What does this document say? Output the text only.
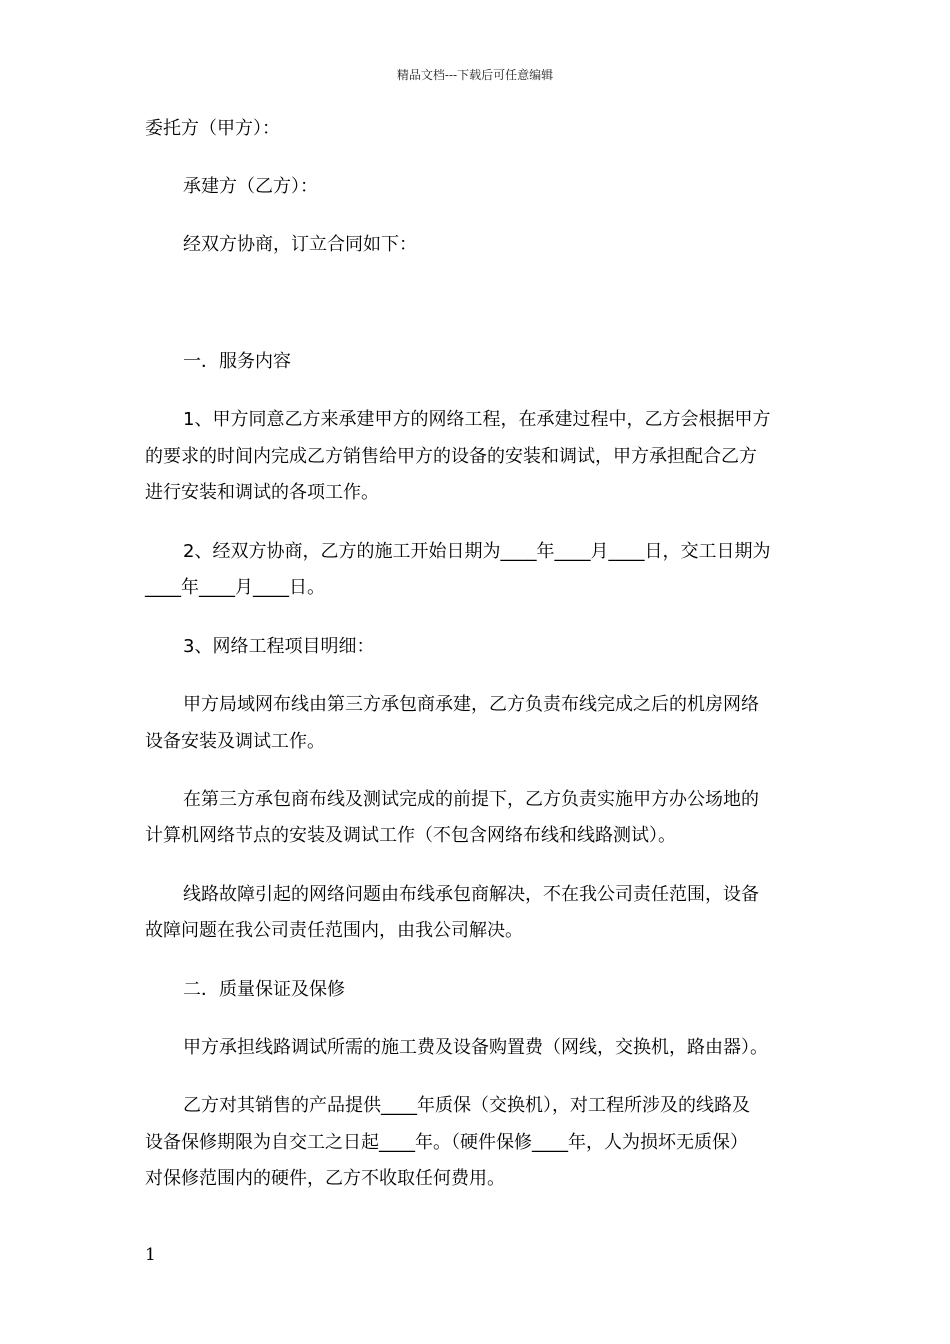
精品文档---下载后可任意编辑
委托方（甲方）：
承建方（乙方）：
经双方协商，订立合同如下：
一．服务内容
1、甲方同意乙方来承建甲方的网络工程，在承建过程中，乙方会根据甲方
的要求的时间内完成乙方销售给甲方的设备的安装和调试，甲方承担配合乙方
进行安装和调试的各项工作。
2、经双方协商，乙方的施工开始日期为____年____月____日，交工日期为
____年____月____日。
3、网络工程项目明细：
甲方局域网布线由第三方承包商承建，乙方负责布线完成之后的机房网络
设备安装及调试工作。
在第三方承包商布线及测试完成的前提下，乙方负责实施甲方办公场地的
计算机网络节点的安装及调试工作（不包含网络布线和线路测试）。
线路故障引起的网络问题由布线承包商解决，不在我公司责任范围，设备
故障问题在我公司责任范围内，由我公司解决。
二．质量保证及保修
甲方承担线路调试所需的施工费及设备购置费（网线，交换机，路由器）。
乙方对其销售的产品提供____年质保（交换机），对工程所涉及的线路及
设备保修期限为自交工之日起____年。（硬件保修____年，人为损坏无质保）
对保修范围内的硬件，乙方不收取任何费用。
1
